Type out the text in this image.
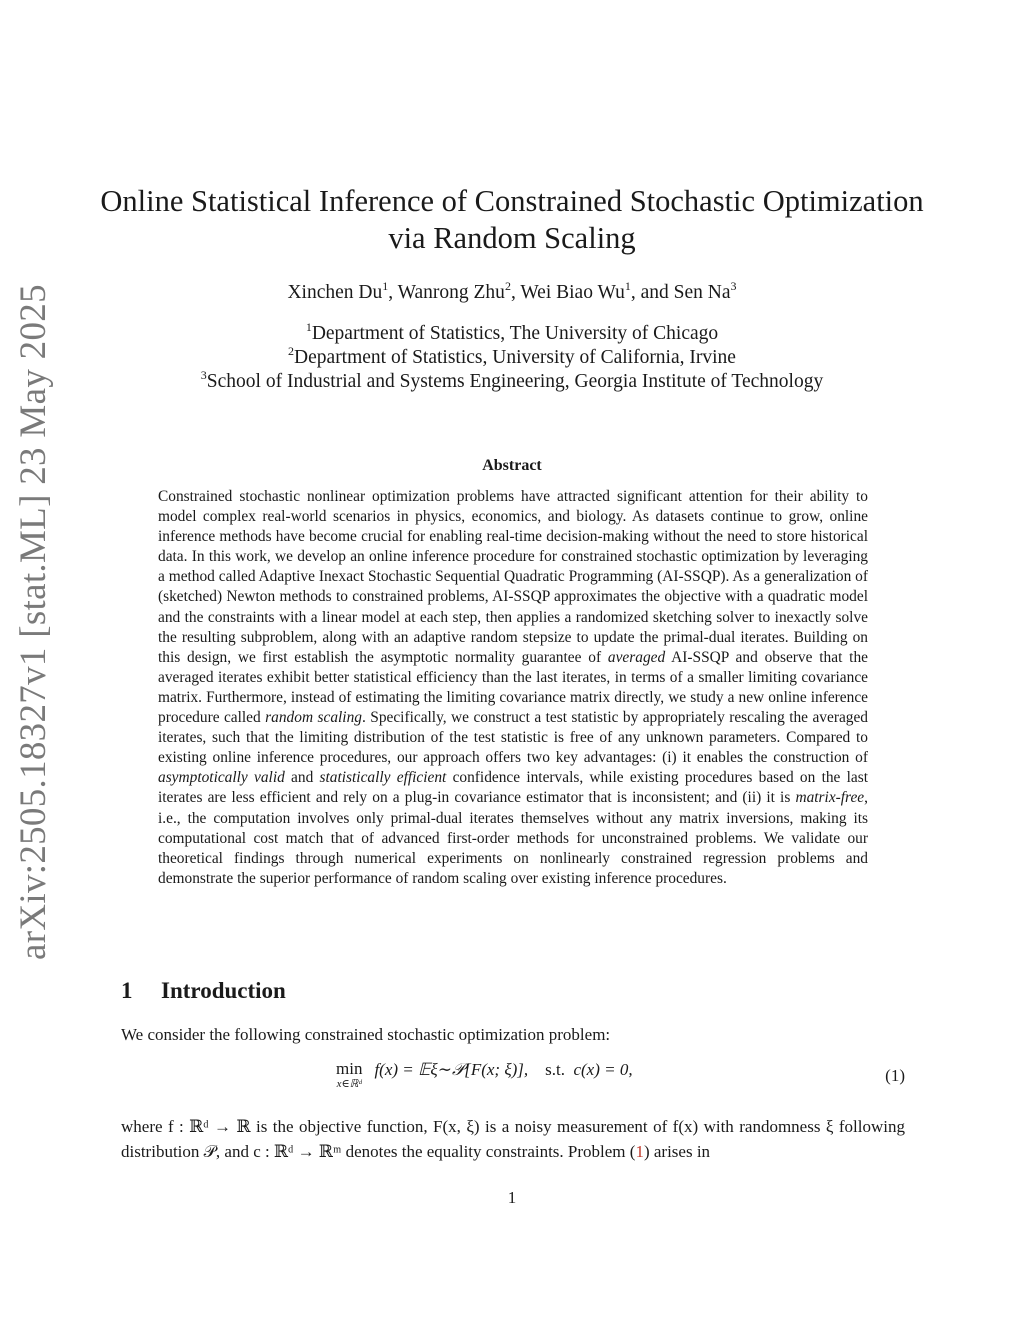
arXiv:2505.18327v1 [stat.ML] 23 May 2025
Online Statistical Inference of Constrained Stochastic Optimization
via Random Scaling
Xinchen Du$^1$, Wanrong Zhu$^2$, Wei Biao Wu$^1$, and Sen Na$^3$
$^1$Department of Statistics, The University of Chicago
$^2$Department of Statistics, University of California, Irvine
$^3$School of Industrial and Systems Engineering, Georgia Institute of Technology
Abstract
Constrained stochastic nonlinear optimization problems have attracted significant attention for their ability to model complex real-world scenarios in physics, economics, and biology. As datasets continue to grow, online inference methods have become crucial for enabling real-time decision-making without the need to store historical data. In this work, we develop an online inference procedure for constrained stochastic optimization by leveraging a method called Adaptive Inexact Stochastic Sequential Quadratic Programming (AI-SSQP). As a generalization of (sketched) Newton methods to constrained problems, AI-SSQP approximates the objective with a quadratic model and the constraints with a linear model at each step, then applies a randomized sketching solver to inexactly solve the resulting subproblem, along with an adaptive random stepsize to update the primal-dual iterates. Building on this design, we first establish the asymptotic normality guarantee of averaged AI-SSQP and observe that the averaged iterates exhibit better statistical efficiency than the last iterates, in terms of a smaller limiting covariance matrix. Furthermore, instead of estimating the limiting covariance matrix directly, we study a new online inference procedure called random scaling. Specifically, we construct a test statistic by appropriately rescaling the averaged iterates, such that the limiting distribution of the test statistic is free of any unknown parameters. Compared to existing online inference procedures, our approach offers two key advantages: (i) it enables the construction of asymptotically valid and statistically efficient confidence intervals, while existing procedures based on the last iterates are less efficient and rely on a plug-in covariance estimator that is inconsistent; and (ii) it is matrix-free, i.e., the computation involves only primal-dual iterates themselves without any matrix inversions, making its computational cost match that of advanced first-order methods for unconstrained problems. We validate our theoretical findings through numerical experiments on nonlinearly constrained regression problems and demonstrate the superior performance of random scaling over existing inference procedures.
1 Introduction
We consider the following constrained stochastic optimization problem:
min
x∈ℝᵈ
f(x) = 𝔼ξ∼𝒫[F(x; ξ)], s.t. c(x) = 0,	(1)
where f : ℝᵈ → ℝ is the objective function, F(x, ξ) is a noisy measurement of f(x) with randomness ξ following distribution 𝒫, and c : ℝᵈ → ℝᵐ denotes the equality constraints. Problem (1) arises in
1
